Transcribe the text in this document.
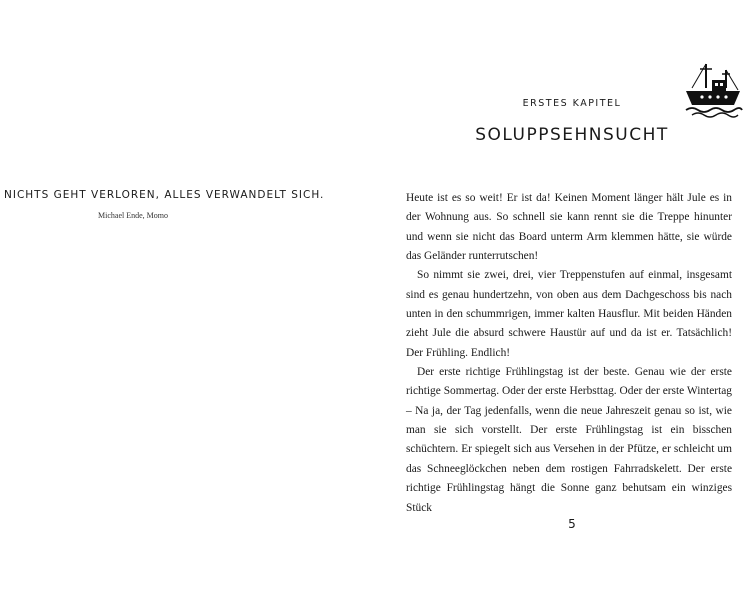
NICHTS GEHT VERLOREN, ALLES VERWANDELT SICH.
Michael Ende, Momo
ERSTES KAPITEL
SOLUPPSEHNSUCHT

Heute ist es so weit! Er ist da! Keinen Moment länger hält Jule es in der Wohnung aus. So schnell sie kann rennt sie die Treppe hinunter und wenn sie nicht das Board unterm Arm klemmen hätte, sie würde das Geländer runterrutschen!

So nimmt sie zwei, drei, vier Treppenstufen auf einmal, insgesamt sind es genau hundertzehn, von oben aus dem Dachgeschoss bis nach unten in den schummrigen, immer kalten Hausflur. Mit beiden Händen zieht Jule die absurd schwere Haustür auf und da ist er. Tatsächlich! Der Frühling. Endlich!

Der erste richtige Frühlingstag ist der beste. Genau wie der erste richtige Sommertag. Oder der erste Herbsttag. Oder der erste Wintertag – Na ja, der Tag jedenfalls, wenn die neue Jahreszeit genau so ist, wie man sie sich vorstellt. Der erste Frühlingstag ist ein bisschen schüchtern. Er spiegelt sich aus Versehen in der Pfütze, er schleicht um das Schneeglöckchen neben dem rostigen Fahrradskelett. Der erste richtige Frühlingstag hängt die Sonne ganz behutsam ein winziges Stück

5
